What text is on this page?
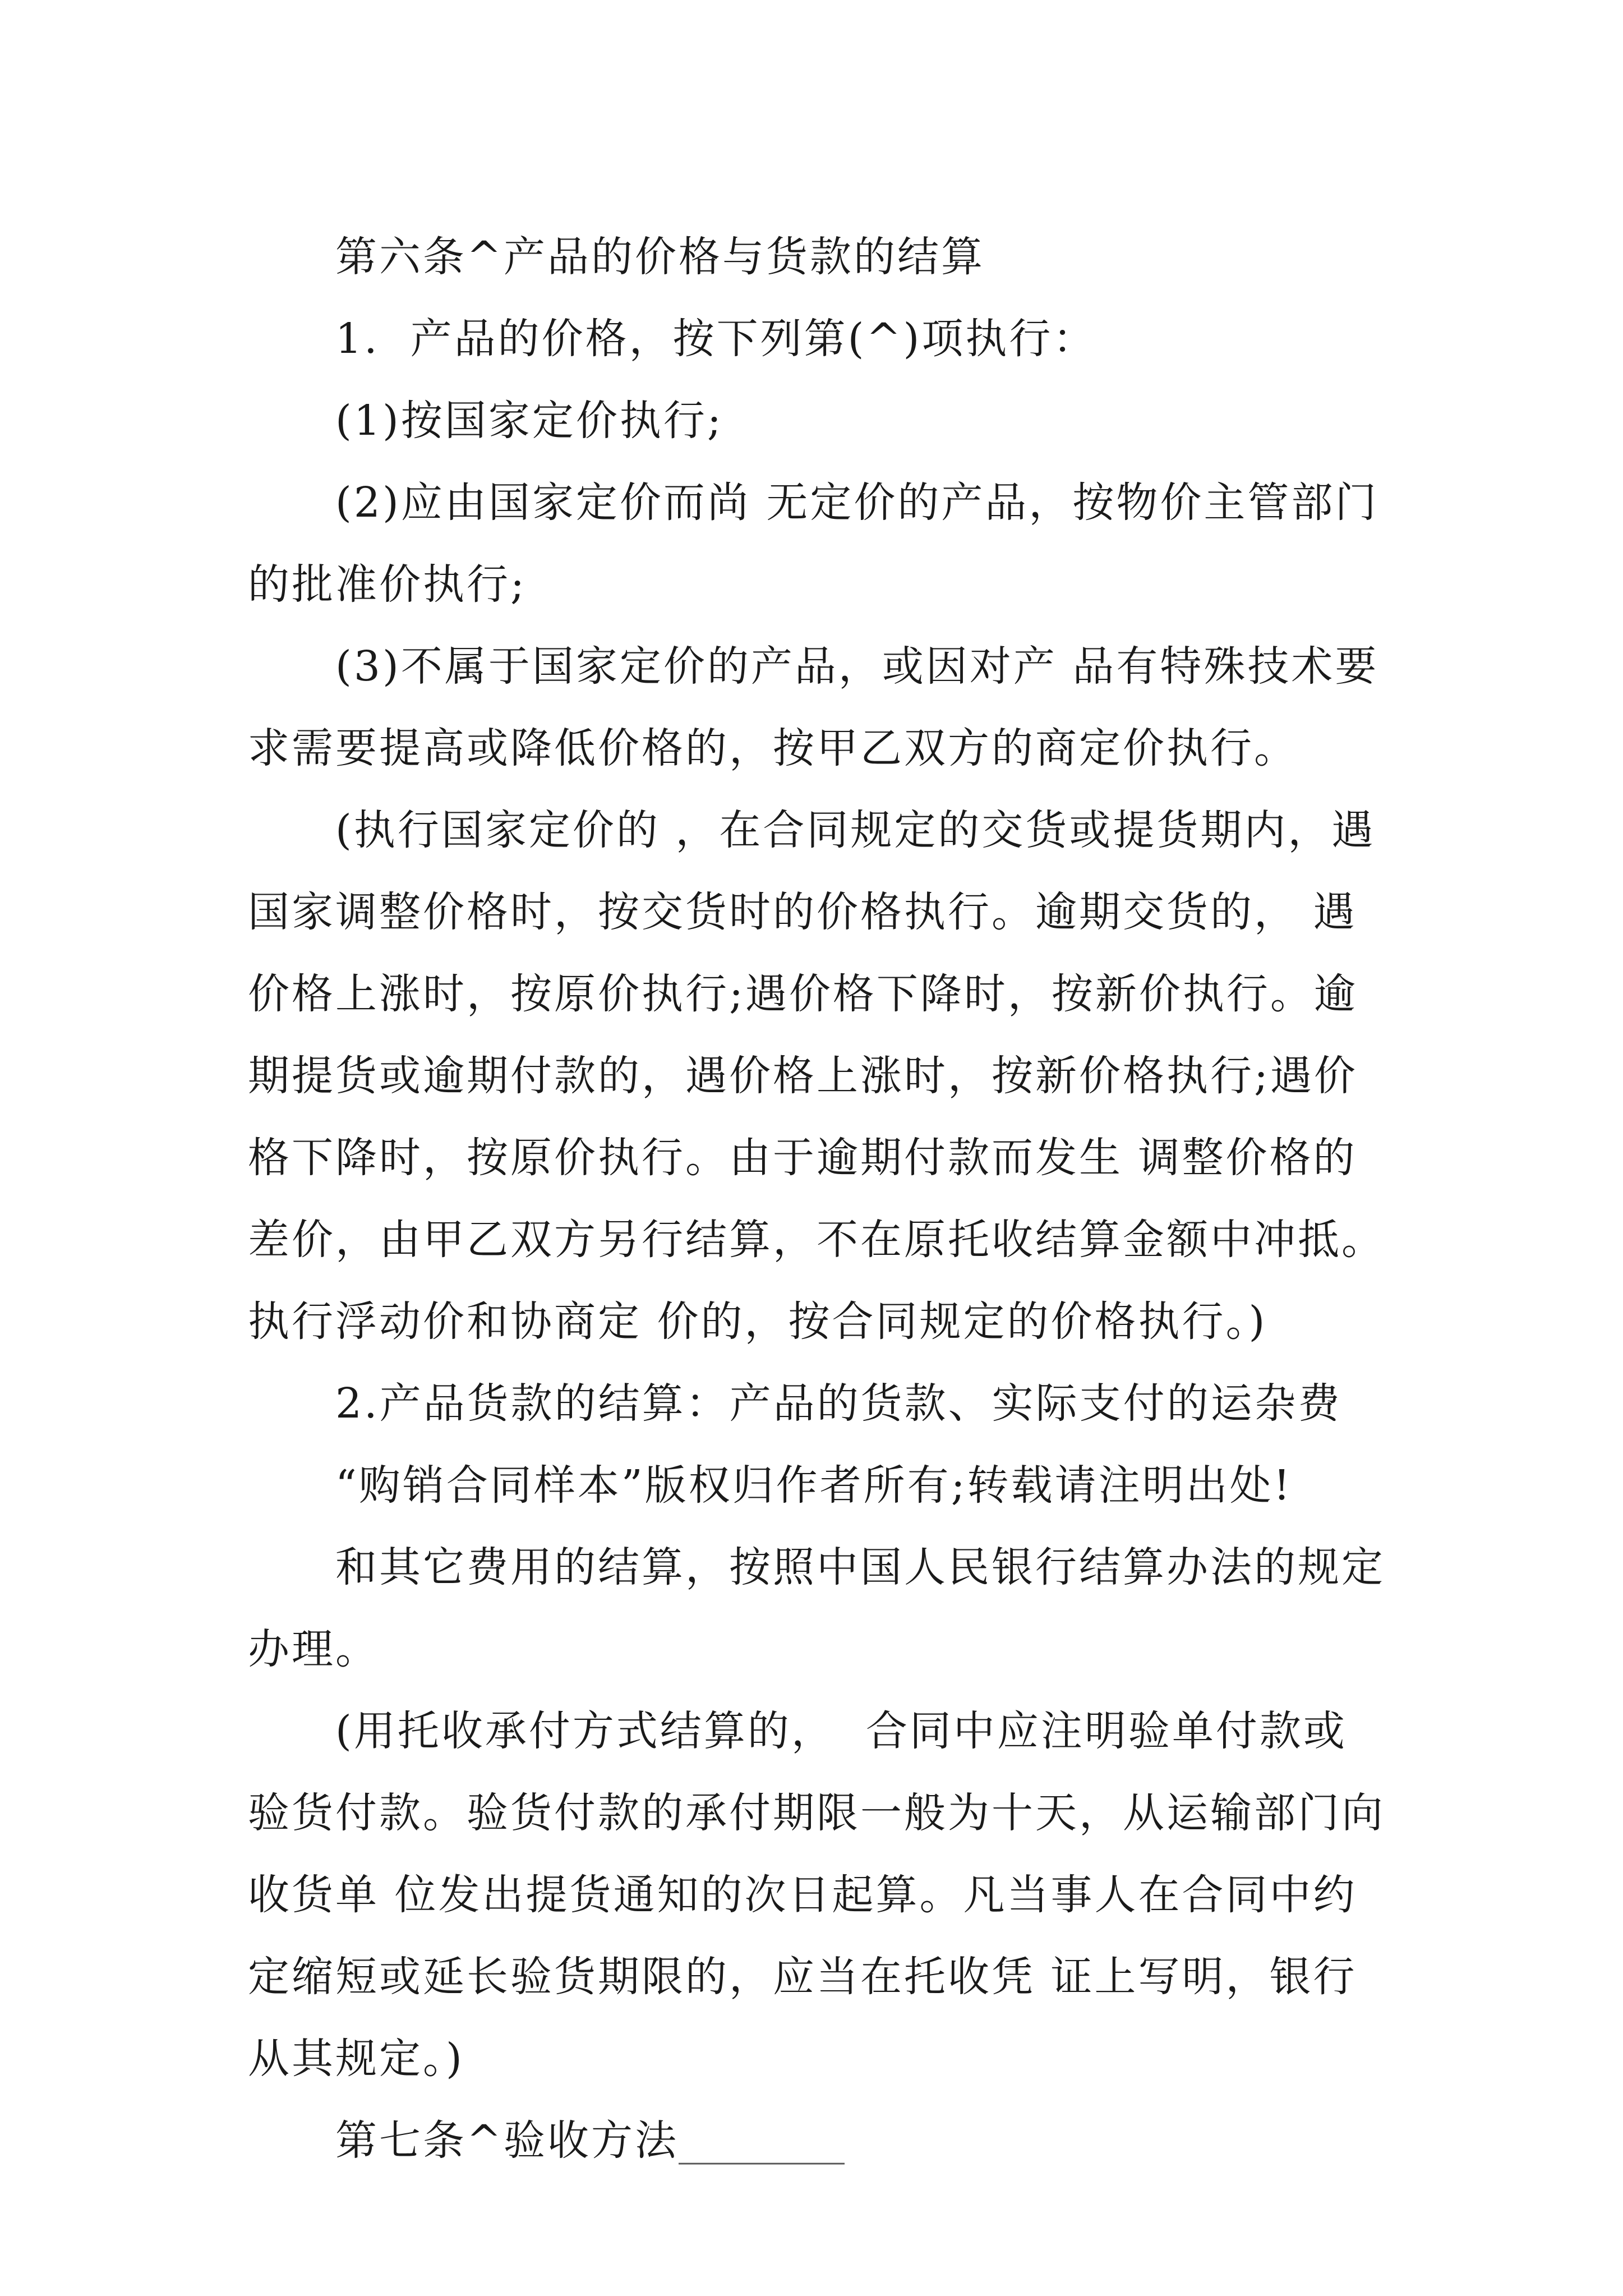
第六条^产品的价格与货款的结算
1.  产品的价格，按下列第(^)项执行：
(1)按国家定价执行;
(2)应由国家定价而尚 无定价的产品，按物价主管部门
的批准价执行;
(3)不属于国家定价的产品，或因对产 品有特殊技术要
求需要提高或降低价格的，按甲乙双方的商定价执行。
(执行国家定价的 ，在合同规定的交货或提货期内，遇
国家调整价格时，按交货时的价格执行。逾期交货的， 遇
价格上涨时，按原价执行;遇价格下降时，按新价执行。逾
期提货或逾期付款的，遇价格上涨时，按新价格执行;遇价
格下降时，按原价执行。由于逾期付款而发生 调整价格的
差价，由甲乙双方另行结算，不在原托收结算金额中冲抵。
执行浮动价和协商定 价的，按合同规定的价格执行。)
2.产品货款的结算：产品的货款、实际支付的运杂费
“购销合同样本”版权归作者所有;转载请注明出处!
和其它费用的结算，按照中国人民银行结算办法的规定
办理。
(用托收承付方式结算的，  合同中应注明验单付款或
验货付款。验货付款的承付期限一般为十天，从运输部门向
收货单 位发出提货通知的次日起算。凡当事人在合同中约
定缩短或延长验货期限的，应当在托收凭 证上写明，银行
从其规定。)
第七条^验收方法________
